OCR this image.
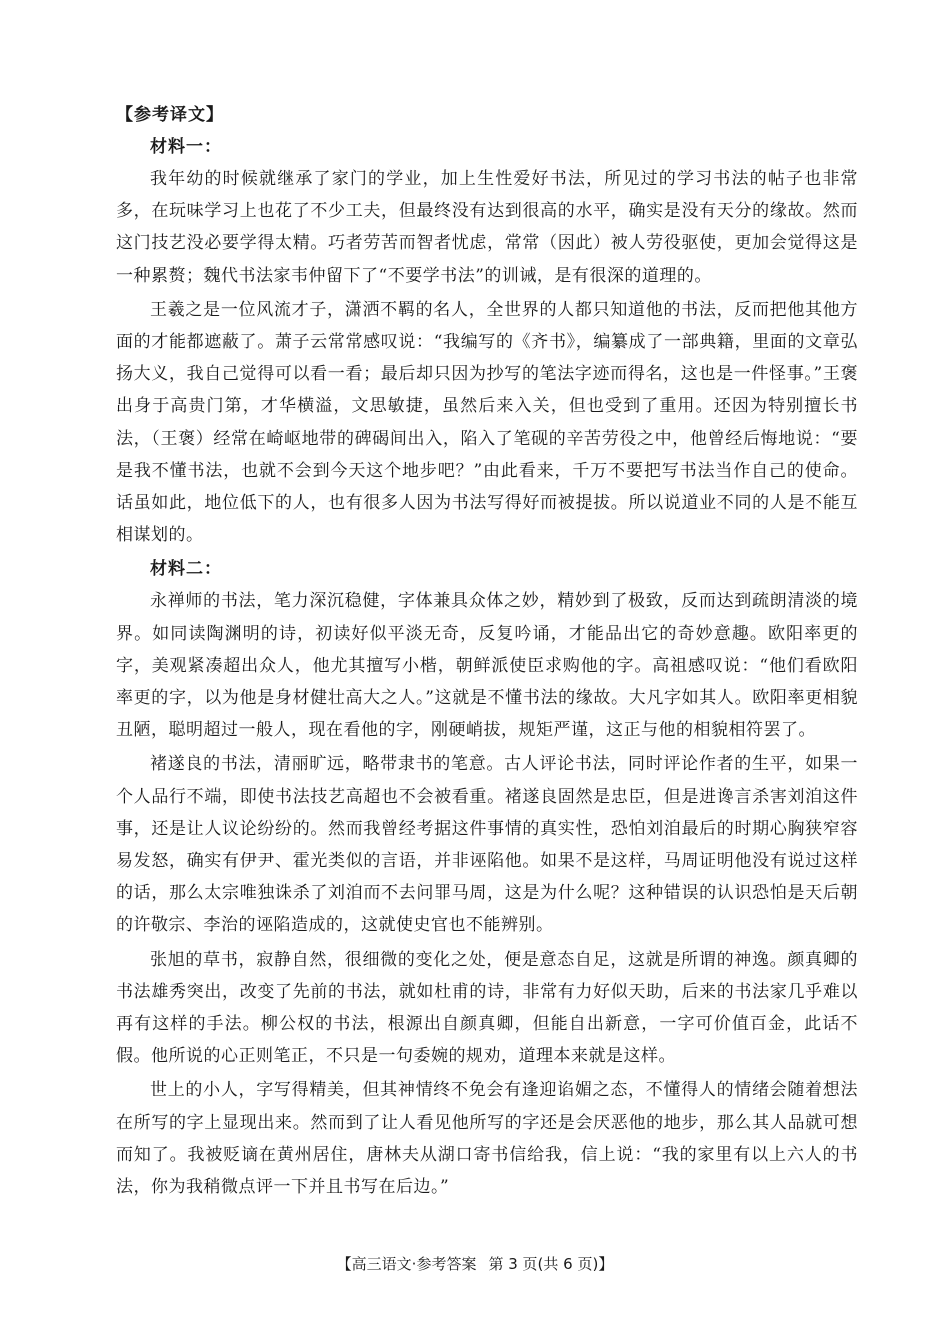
【参考译文】
材料一：

我年幼的时候就继承了家门的学业，加上生性爱好书法，所见过的学习书法的帖子也非常多，在玩味学习上也花了不少工夫，但最终没有达到很高的水平，确实是没有天分的缘故。然而这门技艺没必要学得太精。巧者劳苦而智者忧虑，常常（因此）被人劳役驱使，更加会觉得这是一种累赘；魏代书法家韦仲留下了“不要学书法”的训诫，是有很深的道理的。

王羲之是一位风流才子，潇洒不羁的名人，全世界的人都只知道他的书法，反而把他其他方面的才能都遮蔽了。萧子云常常感叹说：“我编写的《齐书》，编纂成了一部典籍，里面的文章弘扬大义，我自己觉得可以看一看；最后却只因为抄写的笔法字迹而得名，这也是一件怪事。”王褒出身于高贵门第，才华横溢，文思敏捷，虽然后来入关，但也受到了重用。还因为特别擅长书法，（王褒）经常在崎岖地带的碑碣间出入，陷入了笔砚的辛苦劳役之中，他曾经后悔地说：“要是我不懂书法，也就不会到今天这个地步吧？”由此看来，千万不要把写书法当作自己的使命。话虽如此，地位低下的人，也有很多人因为书法写得好而被提拔。所以说道业不同的人是不能互相谋划的。

材料二：

永禅师的书法，笔力深沉稳健，字体兼具众体之妙，精妙到了极致，反而达到疏朗清淡的境界。如同读陶渊明的诗，初读好似平淡无奇，反复吟诵，才能品出它的奇妙意趣。欧阳率更的字，美观紧凑超出众人，他尤其擅写小楷，朝鲜派使臣求购他的字。高祖感叹说：“他们看欧阳率更的字，以为他是身材健壮高大之人。”这就是不懂书法的缘故。大凡字如其人。欧阳率更相貌丑陋，聪明超过一般人，现在看他的字，刚硬峭拔，规矩严谨，这正与他的相貌相符罢了。

褚遂良的书法，清丽旷远，略带隶书的笔意。古人评论书法，同时评论作者的生平，如果一个人品行不端，即使书法技艺高超也不会被看重。褚遂良固然是忠臣，但是进谗言杀害刘洎这件事，还是让人议论纷纷的。然而我曾经考据这件事情的真实性，恐怕刘洎最后的时期心胸狭窄容易发怒，确实有伊尹、霍光类似的言语，并非诬陷他。如果不是这样，马周证明他没有说过这样的话，那么太宗唯独诛杀了刘洎而不去问罪马周，这是为什么呢？这种错误的认识恐怕是天后朝的许敬宗、李治的诬陷造成的，这就使史官也不能辨别。

张旭的草书，寂静自然，很细微的变化之处，便是意态自足，这就是所谓的神逸。颜真卿的书法雄秀突出，改变了先前的书法，就如杜甫的诗，非常有力好似天助，后来的书法家几乎难以再有这样的手法。柳公权的书法，根源出自颜真卿，但能自出新意，一字可价值百金，此话不假。他所说的心正则笔正，不只是一句委婉的规劝，道理本来就是这样。

世上的小人，字写得精美，但其神情终不免会有逢迎谄媚之态，不懂得人的情绪会随着想法在所写的字上显现出来。然而到了让人看见他所写的字还是会厌恶他的地步，那么其人品就可想而知了。我被贬谪在黄州居住，唐林夫从湖口寄书信给我，信上说：“我的家里有以上六人的书法，你为我稍微点评一下并且书写在后边。”

【高三语文·参考答案 第 3 页(共 6 页)】
